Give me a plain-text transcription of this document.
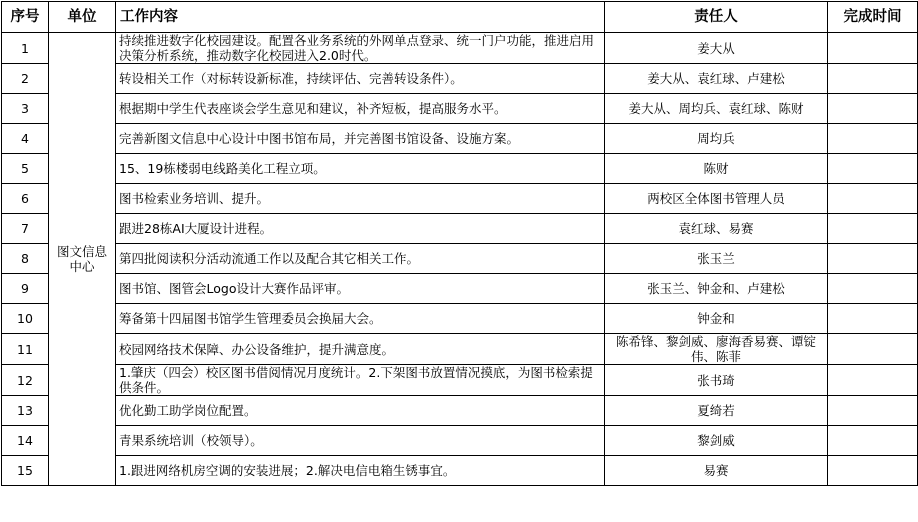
序号	单位	工作内容	责任人	完成时间
1	图文信息中心	持续推进数字化校园建设。配置各业务系统的外网单点登录、统一门户功能，推进启用决策分析系统，推动数字化校园进入2.0时代。	姜大从	
2		转设相关工作（对标转设新标准，持续评估、完善转设条件）。	姜大从、袁红球、卢建松	
3		根据期中学生代表座谈会学生意见和建议，补齐短板，提高服务水平。	姜大从、周均兵、袁红球、陈财	
4		完善新图文信息中心设计中图书馆布局，并完善图书馆设备、设施方案。	周均兵	
5		15、19栋楼弱电线路美化工程立项。	陈财	
6		图书检索业务培训、提升。	两校区全体图书管理人员	
7		跟进28栋AI大厦设计进程。	袁红球、易赛	
8		第四批阅读积分活动流通工作以及配合其它相关工作。	张玉兰	
9		图书馆、图管会Logo设计大赛作品评审。	张玉兰、钟金和、卢建松	
10		筹备第十四届图书馆学生管理委员会换届大会。	钟金和	
11		校园网络技术保障、办公设备维护，提升满意度。	陈希锋、黎剑威、廖海香易赛、谭锭伟、陈菲	
12		1.肇庆（四会）校区图书借阅情况月度统计。2.下架图书放置情况摸底，为图书检索提供条件。	张书琦	
13		优化勤工助学岗位配置。	夏绮若	
14		青果系统培训（校领导）。	黎剑威	
15		1.跟进网络机房空调的安装进展；2.解决电信电箱生锈事宜。	易赛	
